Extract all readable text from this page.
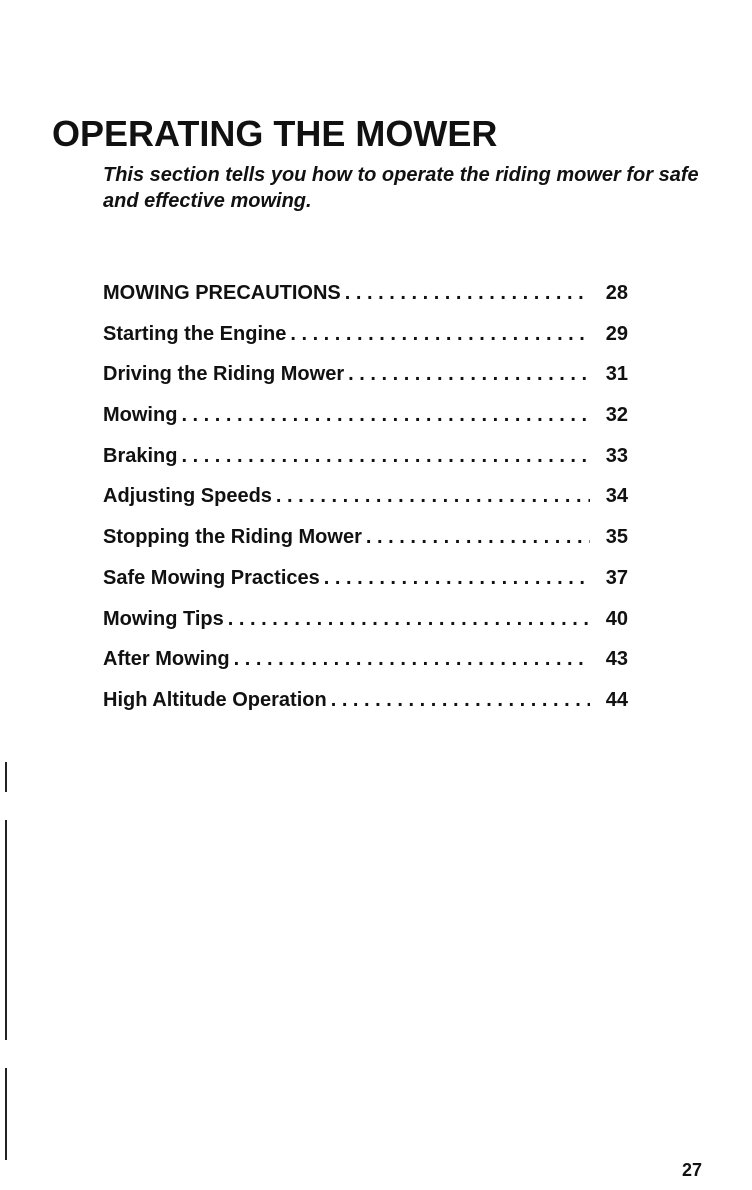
OPERATING THE MOWER

This section tells you how to operate the riding mower for safe and effective mowing.

MOWING PRECAUTIONS . . .	28
Starting the Engine . . .	29
Driving the Riding Mower . . .	31
Mowing . . .	32
Braking . . .	33
Adjusting Speeds . . .	34
Stopping the Riding Mower . . .	35
Safe Mowing Practices . . .	37
Mowing Tips . . .	40
After Mowing . . .	43
High Altitude Operation . . .	44
27
